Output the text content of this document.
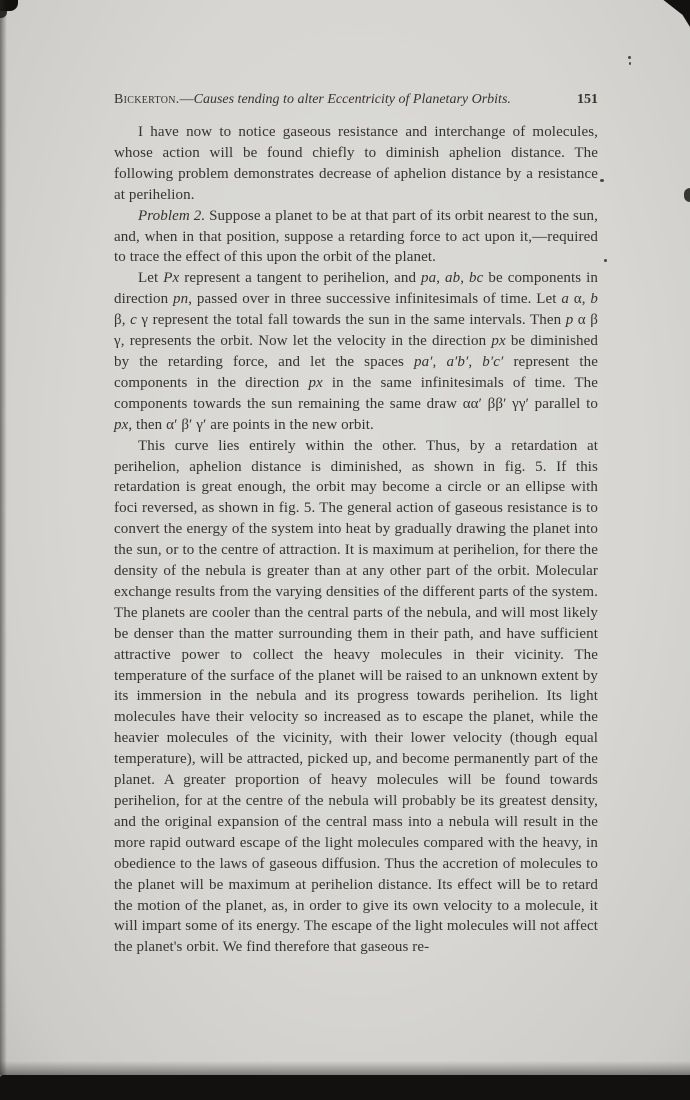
Bickerton.—Causes tending to alter Eccentricity of Planetary Orbits.	151

I have now to notice gaseous resistance and interchange of molecules, whose action will be found chiefly to diminish aphelion distance. The following problem demonstrates decrease of aphelion distance by a resistance at perihelion.

Problem 2. Suppose a planet to be at that part of its orbit nearest to the sun, and, when in that position, suppose a retarding force to act upon it,—required to trace the effect of this upon the orbit of the planet.

Let Px represent a tangent to perihelion, and pa, ab, bc be components in direction pn, passed over in three successive infinitesimals of time. Let a α, b β, c γ represent the total fall towards the sun in the same intervals. Then p α β γ, represents the orbit. Now let the velocity in the direction px be diminished by the retarding force, and let the spaces pa′, a′b′, b′c′ represent the components in the direction px in the same infinitesimals of time. The components towards the sun remaining the same draw αα′ ββ′ γγ′ parallel to px, then α′ β′ γ′ are points in the new orbit.

This curve lies entirely within the other. Thus, by a retardation at perihelion, aphelion distance is diminished, as shown in fig. 5. If this retardation is great enough, the orbit may become a circle or an ellipse with foci reversed, as shown in fig. 5. The general action of gaseous resistance is to convert the energy of the system into heat by gradually drawing the planet into the sun, or to the centre of attraction. It is maximum at perihelion, for there the density of the nebula is greater than at any other part of the orbit. Molecular exchange results from the varying densities of the different parts of the system. The planets are cooler than the central parts of the nebula, and will most likely be denser than the matter surrounding them in their path, and have sufficient attractive power to collect the heavy molecules in their vicinity. The temperature of the surface of the planet will be raised to an unknown extent by its immersion in the nebula and its progress towards perihelion. Its light molecules have their velocity so increased as to escape the planet, while the heavier molecules of the vicinity, with their lower velocity (though equal temperature), will be attracted, picked up, and become permanently part of the planet. A greater proportion of heavy molecules will be found towards perihelion, for at the centre of the nebula will probably be its greatest density, and the original expansion of the central mass into a nebula will result in the more rapid outward escape of the light molecules compared with the heavy, in obedience to the laws of gaseous diffusion. Thus the accretion of molecules to the planet will be maximum at perihelion distance. Its effect will be to retard the motion of the planet, as, in order to give its own velocity to a molecule, it will impart some of its energy. The escape of the light molecules will not affect the planet's orbit. We find therefore that gaseous re-
